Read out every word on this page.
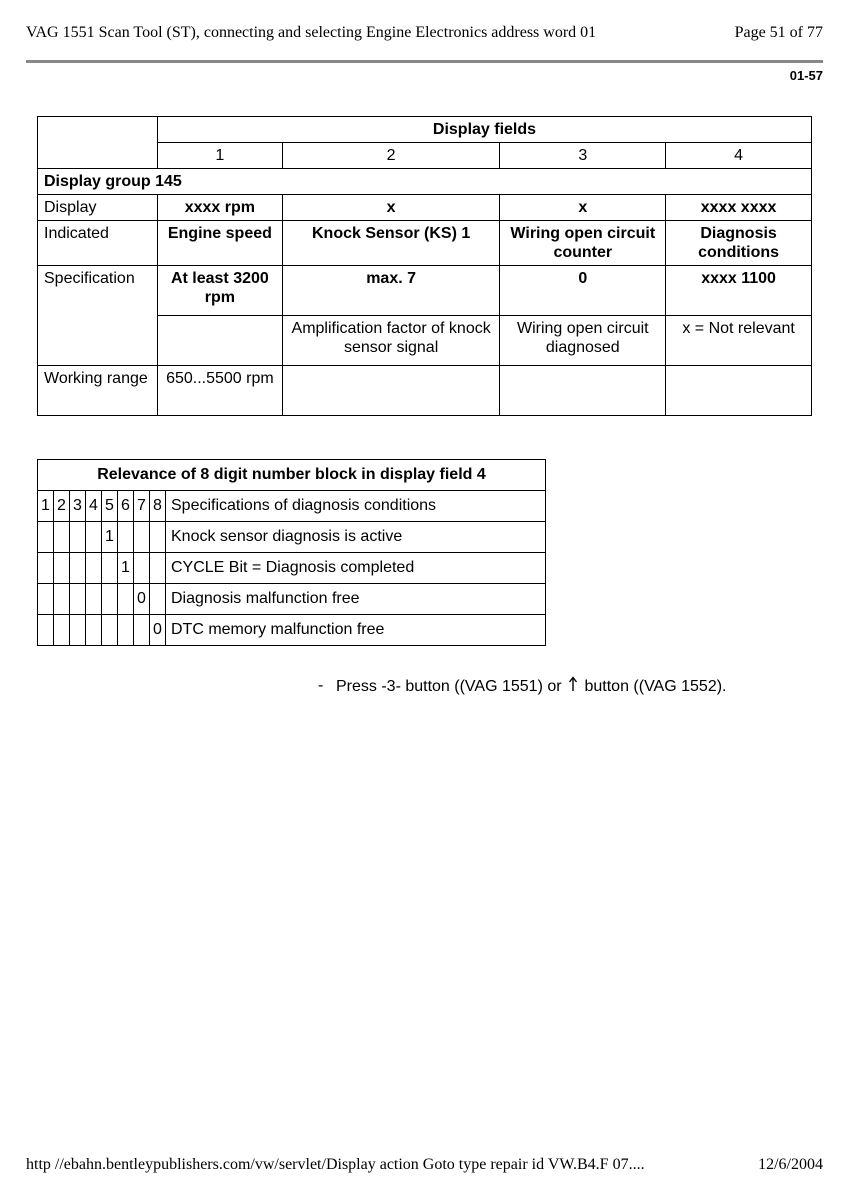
VAG 1551 Scan Tool (ST), connecting and selecting Engine Electronics address word 01	Page 51 of 77
01-57
	Display fields			
	1	2	3	4
Display group 145				
Display	xxxx rpm	x	x	xxxx xxxx
Indicated	Engine speed	Knock Sensor (KS) 1	Wiring open circuit counter	Diagnosis conditions
Specification	At least 3200 rpm	max. 7	0	xxxx 1100
		Amplification factor of knock sensor signal	Wiring open circuit diagnosed	x = Not relevant
Working range	650...5500 rpm			
Relevance of 8 digit number block in display field 4								
1	2	3	4	5	6	7	8	Specifications of diagnosis conditions
				1				Knock sensor diagnosis is active
					1			CYCLE Bit = Diagnosis completed
						0		Diagnosis malfunction free
							0	DTC memory malfunction free
- Press -3- button ((VAG 1551) or button ((VAG 1552).
http //ebahn.bentleypublishers.com/vw/servlet/Display action Goto type repair id VW.B4.F 07....	12/6/2004
